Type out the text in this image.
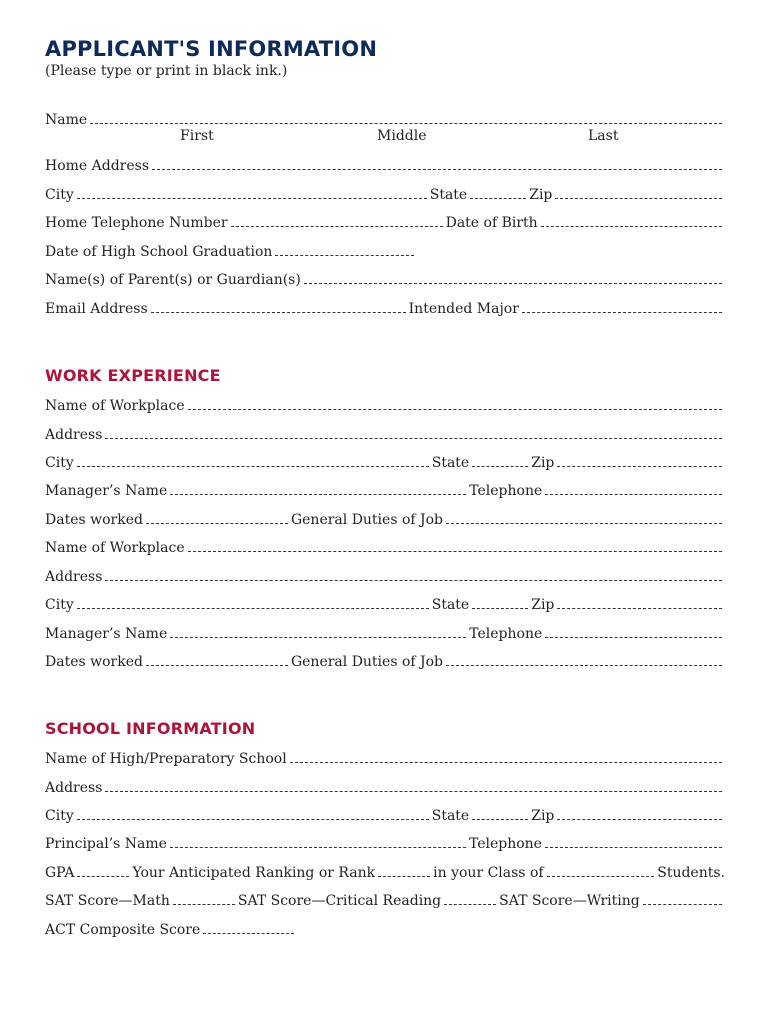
APPLICANT'S INFORMATION
(Please type or print in black ink.)
Name
First	Middle	Last
Home Address
City	State	Zip
Home Telephone Number	Date of Birth
Date of High School Graduation
Name(s) of Parent(s) or Guardian(s)
Email Address	Intended Major
WORK EXPERIENCE
Name of Workplace
Address
City	State	Zip
Manager’s Name	Telephone
Dates worked	General Duties of Job
Name of Workplace
Address
City	State	Zip
Manager’s Name	Telephone
Dates worked	General Duties of Job
SCHOOL INFORMATION
Name of High/Preparatory School
Address
City	State	Zip
Principal’s Name	Telephone
GPA	Your Anticipated Ranking or Rank	in your Class of	Students.
SAT Score—Math	SAT Score—Critical Reading	SAT Score—Writing
ACT Composite Score
